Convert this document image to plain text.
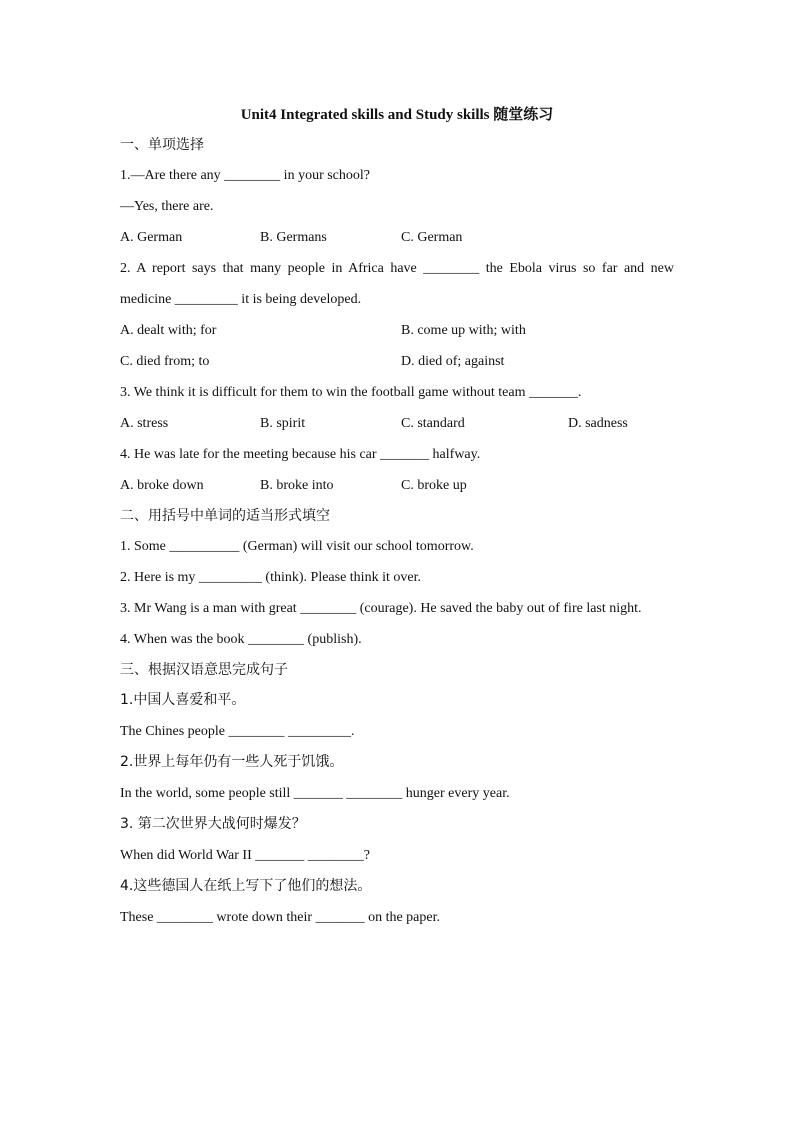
Unit4 Integrated skills and Study skills 随堂练习
一、单项选择
1.—Are there any ________ in your school?
—Yes, there are.
A. German	B. Germans	C. German
2. A report says that many people in Africa have ________ the Ebola virus so far and new medicine _________ it is being developed.
A. dealt with; for	B. come up with; with
C. died from; to	D. died of; against
3. We think it is difficult for them to win the football game without team _______.
A. stress	B. spirit	C. standard	D. sadness
4. He was late for the meeting because his car _______ halfway.
A. broke down	B. broke into	C. broke up
二、用括号中单词的适当形式填空
1. Some __________ (German) will visit our school tomorrow.
2. Here is my _________ (think). Please think it over.
3. Mr Wang is a man with great ________ (courage). He saved the baby out of fire last night.
4. When was the book ________ (publish).
三、根据汉语意思完成句子
1.中国人喜爱和平。
The Chines people ________ _________.
2.世界上每年仍有一些人死于饥饿。
In the world, some people still _______ ________ hunger every year.
3. 第二次世界大战何时爆发？
When did World War II _______ ________?
4.这些德国人在纸上写下了他们的想法。
These ________ wrote down their _______ on the paper.
